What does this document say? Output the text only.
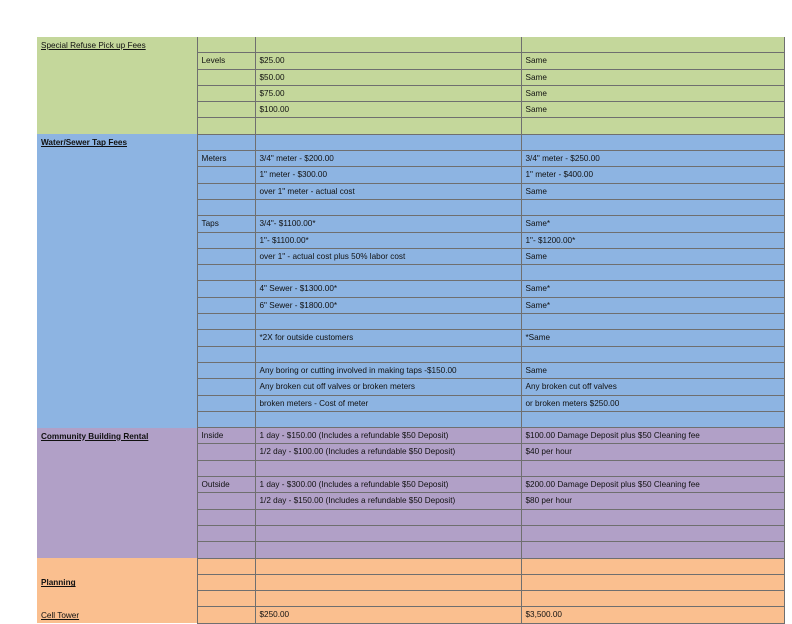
Special Refuse Pick up Fees			
	Levels	$25.00	Same
		$50.00	Same
		$75.00	Same
		$100.00	Same

Water/Sewer Tap Fees			
	Meters	3/4" meter - $200.00	3/4" meter - $250.00
		1" meter - $300.00	1" meter - $400.00
		over 1" meter - actual cost	Same

	Taps	3/4"- $1100.00*	Same*
		1"- $1100.00*	1"- $1200.00*
		over 1" - actual cost plus 50% labor cost	Same

		4" Sewer - $1300.00*	Same*
		6" Sewer - $1800.00*	Same*

		*2X for outside customers	*Same

		Any boring or cutting involved in making taps -$150.00	Same
		Any broken cut off valves or broken meters	Any broken cut off valves
		broken meters - Cost of meter	or broken meters $250.00

Community Building Rental	Inside	1 day - $150.00 (Includes a refundable $50 Deposit)	$100.00 Damage Deposit plus $50 Cleaning fee
		1/2 day - $100.00 (Includes a refundable $50 Deposit)	$40 per hour

	Outside	1 day - $300.00 (Includes a refundable $50 Deposit)	$200.00 Damage Deposit plus $50 Cleaning fee
		1/2 day - $150.00 (Includes a refundable $50 Deposit)	$80 per hour

Planning			

Cell Tower		$250.00	$3,500.00
